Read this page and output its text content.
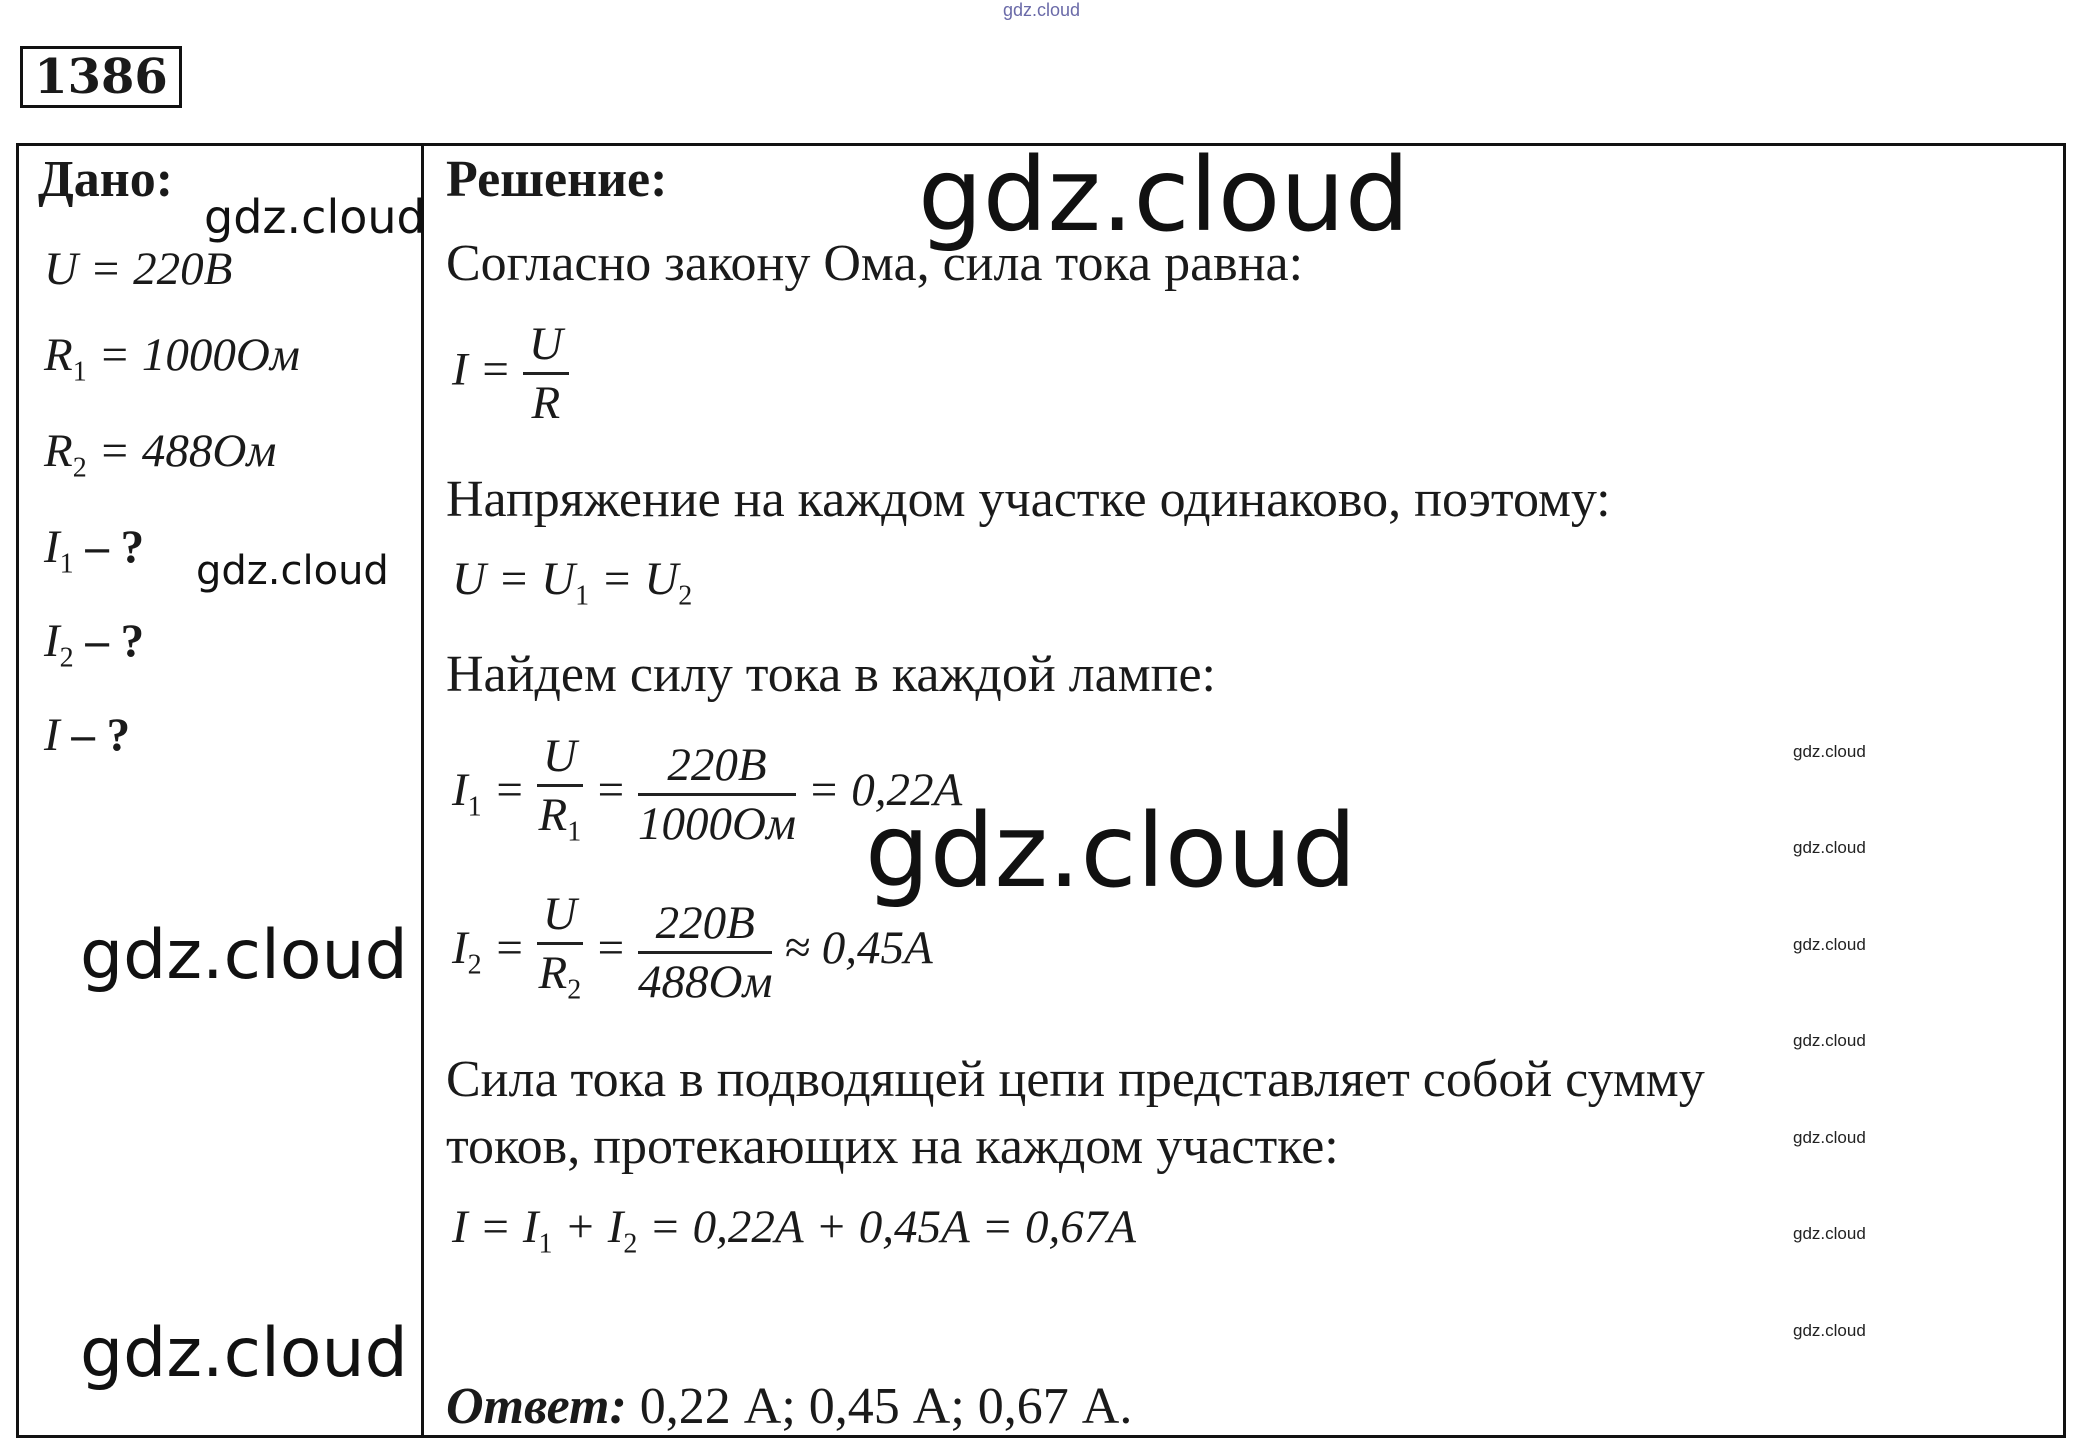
gdz.cloud
1386
Дано:
U = 220В
$R_1 = 1000Ом$
$R_2 = 488Ом$
$I_1$ – ?
$I_2$ – ?
I – ?
Решение:
Согласно закону Ома, сила тока равна:
$I = \frac{U}{R}$
Напряжение на каждом участке одинаково, поэтому:
$U = U_1 = U_2$
Найдем силу тока в каждой лампе:
$I_1 = \frac{U}{R_1} = \frac{220В}{1000Ом} = 0,22А$
$I_2 = \frac{U}{R_2} = \frac{220В}{488Ом} \approx 0,45А$
Сила тока в подводящей цепи представляет собой сумму
токов, протекающих на каждом участке:
$I = I_1 + I_2 = 0,22А + 0,45А = 0,67А$
Ответ: 0,22 А; 0,45 А; 0,67 А.
gdz.cloud
gdz.cloud
gdz.cloud
gdz.cloud
gdz.cloud
gdz.cloud
gdz.cloud
gdz.cloud
gdz.cloud
gdz.cloud
gdz.cloud
gdz.cloud
gdz.cloud
